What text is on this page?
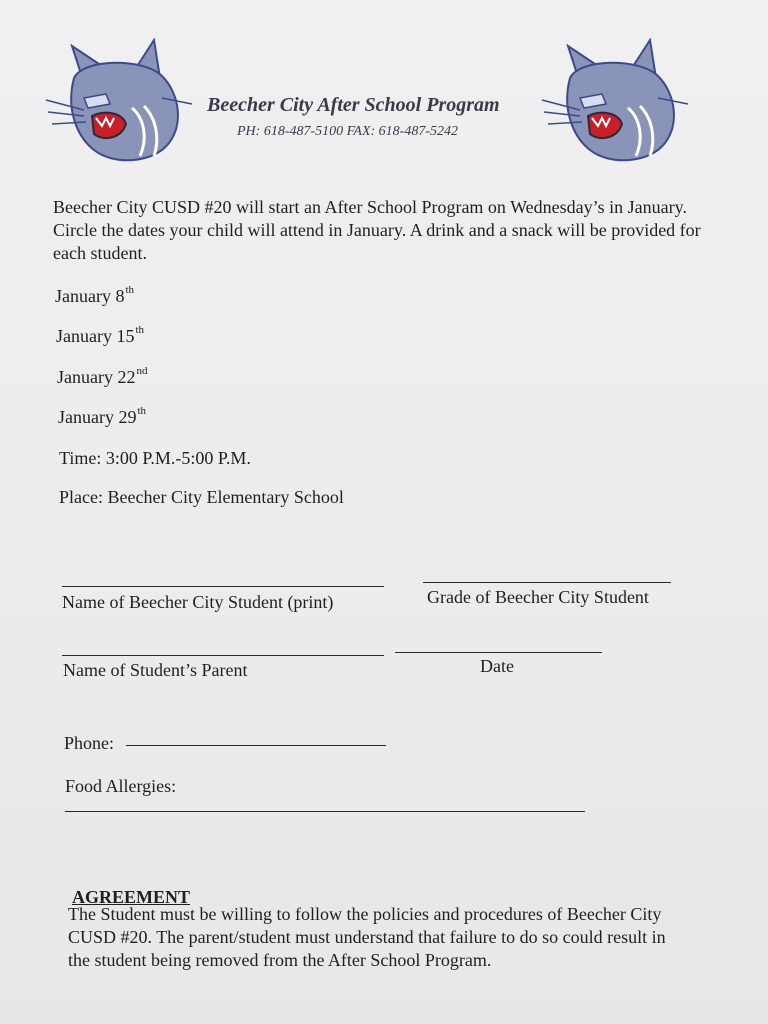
Beecher City After School Program
PH: 618-487-5100 FAX: 618-487-5242
Beecher City CUSD #20 will start an After School Program on Wednesday’s in January. Circle the dates your child will attend in January. A drink and a snack will be provided for each student.
January 8th
January 15th
January 22nd
January 29th
Time: 3:00 P.M.-5:00 P.M.
Place: Beecher City Elementary School
Name of Beecher City Student (print)	Grade of Beecher City Student
Name of Student’s Parent	Date
Phone:
Food Allergies:
AGREEMENT
The Student must be willing to follow the policies and procedures of Beecher City CUSD #20. The parent/student must understand that failure to do so could result in the student being removed from the After School Program.
